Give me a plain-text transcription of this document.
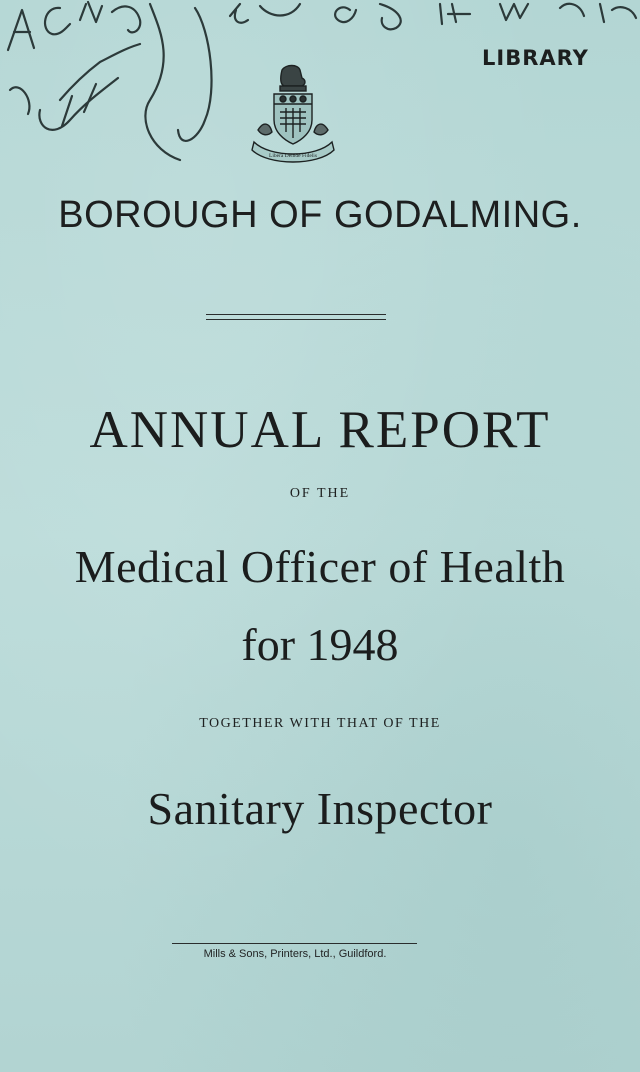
LIBRARY
Libera Deinde Fidelis
BOROUGH OF GODALMING.
ANNUAL REPORT
OF THE
Medical Officer of Health
for 1948
TOGETHER WITH THAT OF THE
Sanitary Inspector
Mills & Sons, Printers, Ltd., Guildford.
